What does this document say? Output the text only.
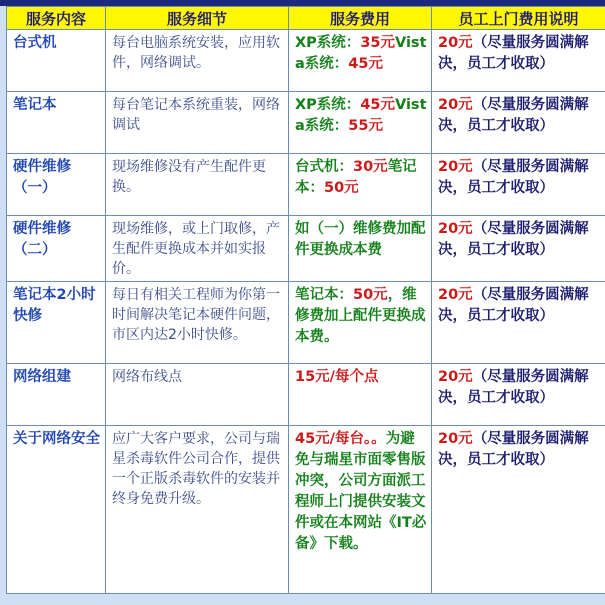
服务内容	服务细节	服务费用	员工上门费用说明
台式机	每台电脑系统安装，应用软件，网络调试。	XP系统：35元Vista系统：45元	20元（尽量服务圆满解决，员工才收取）
笔记本	每台笔记本系统重装，网络调试	XP系统：45元Vista系统：55元	20元（尽量服务圆满解决，员工才收取）
硬件维修（一）	现场维修没有产生配件更换。	台式机：30元笔记本：50元	20元（尽量服务圆满解决，员工才收取）
硬件维修（二）	现场维修，或上门取修，产生配件更换成本并如实报价。	如（一）维修费加配件更换成本费	20元（尽量服务圆满解决，员工才收取）
笔记本2小时快修	每日有相关工程师为你第一时间解决笔记本硬件问题，市区内达2小时快修。	笔记本：50元，维修费加上配件更换成本费。	20元（尽量服务圆满解决，员工才收取）
网络组建	网络布线点	15元/每个点	20元（尽量服务圆满解决，员工才收取）
关于网络安全	应广大客户要求，公司与瑞星杀毒软件公司合作，提供一个正版杀毒软件的安装并终身免费升级。	45元/每台。。为避免与瑞星市面零售版冲突，公司方面派工程师上门提供安装文件或在本网站《IT必备》下载。	20元（尽量服务圆满解决，员工才收取）
